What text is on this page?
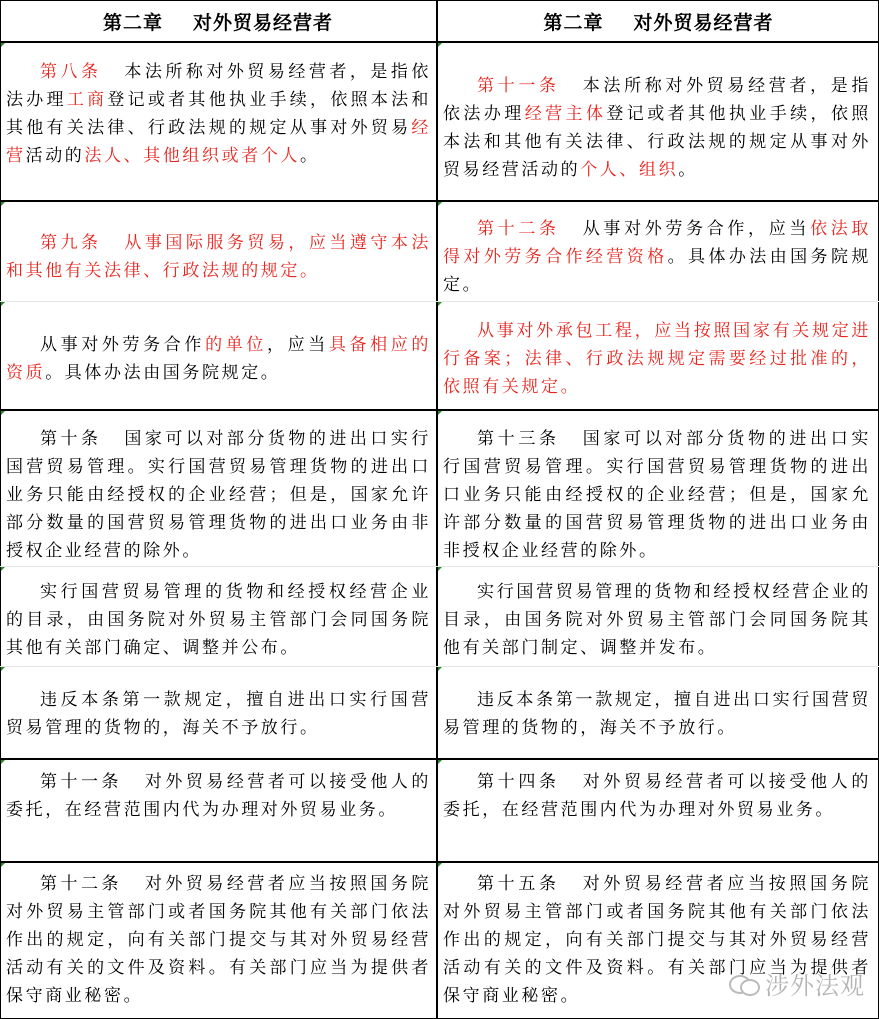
第二章 对外贸易经营者	第二章 对外贸易经营者

第八条 本法所称对外贸易经营者，是指依法办理工商登记或者其他执业手续，依照本法和其他有关法律、行政法规的规定从事对外贸易经营活动的法人、其他组织或者个人。

第十一条 本法所称对外贸易经营者，是指依法办理经营主体登记或者其他执业手续，依照本法和其他有关法律、行政法规的规定从事对外贸易经营活动的个人、组织。

第九条 从事国际服务贸易，应当遵守本法和其他有关法律、行政法规的规定。

第十二条 从事对外劳务合作，应当依法取得对外劳务合作经营资格。具体办法由国务院规定。

从事对外劳务合作的单位，应当具备相应的资质。具体办法由国务院规定。

从事对外承包工程，应当按照国家有关规定进行备案；法律、行政法规规定需要经过批准的，依照有关规定。

第十条 国家可以对部分货物的进出口实行国营贸易管理。实行国营贸易管理货物的进出口业务只能由经授权的企业经营；但是，国家允许部分数量的国营贸易管理货物的进出口业务由非授权企业经营的除外。

第十三条 国家可以对部分货物的进出口实行国营贸易管理。实行国营贸易管理货物的进出口业务只能由经授权的企业经营；但是，国家允许部分数量的国营贸易管理货物的进出口业务由非授权企业经营的除外。

实行国营贸易管理的货物和经授权经营企业的目录，由国务院对外贸易主管部门会同国务院其他有关部门确定、调整并公布。

实行国营贸易管理的货物和经授权经营企业的目录，由国务院对外贸易主管部门会同国务院其他有关部门制定、调整并发布。

违反本条第一款规定，擅自进出口实行国营贸易管理的货物的，海关不予放行。

违反本条第一款规定，擅自进出口实行国营贸易管理的货物的，海关不予放行。

第十一条 对外贸易经营者可以接受他人的委托，在经营范围内代为办理对外贸易业务。

第十四条 对外贸易经营者可以接受他人的委托，在经营范围内代为办理对外贸易业务。

第十二条 对外贸易经营者应当按照国务院对外贸易主管部门或者国务院其他有关部门依法作出的规定，向有关部门提交与其对外贸易经营活动有关的文件及资料。有关部门应当为提供者保守商业秘密。

第十五条 对外贸易经营者应当按照国务院对外贸易主管部门或者国务院其他有关部门依法作出的规定，向有关部门提交与其对外贸易经营活动有关的文件及资料。有关部门应当为提供者保守商业秘密。	涉外法观
